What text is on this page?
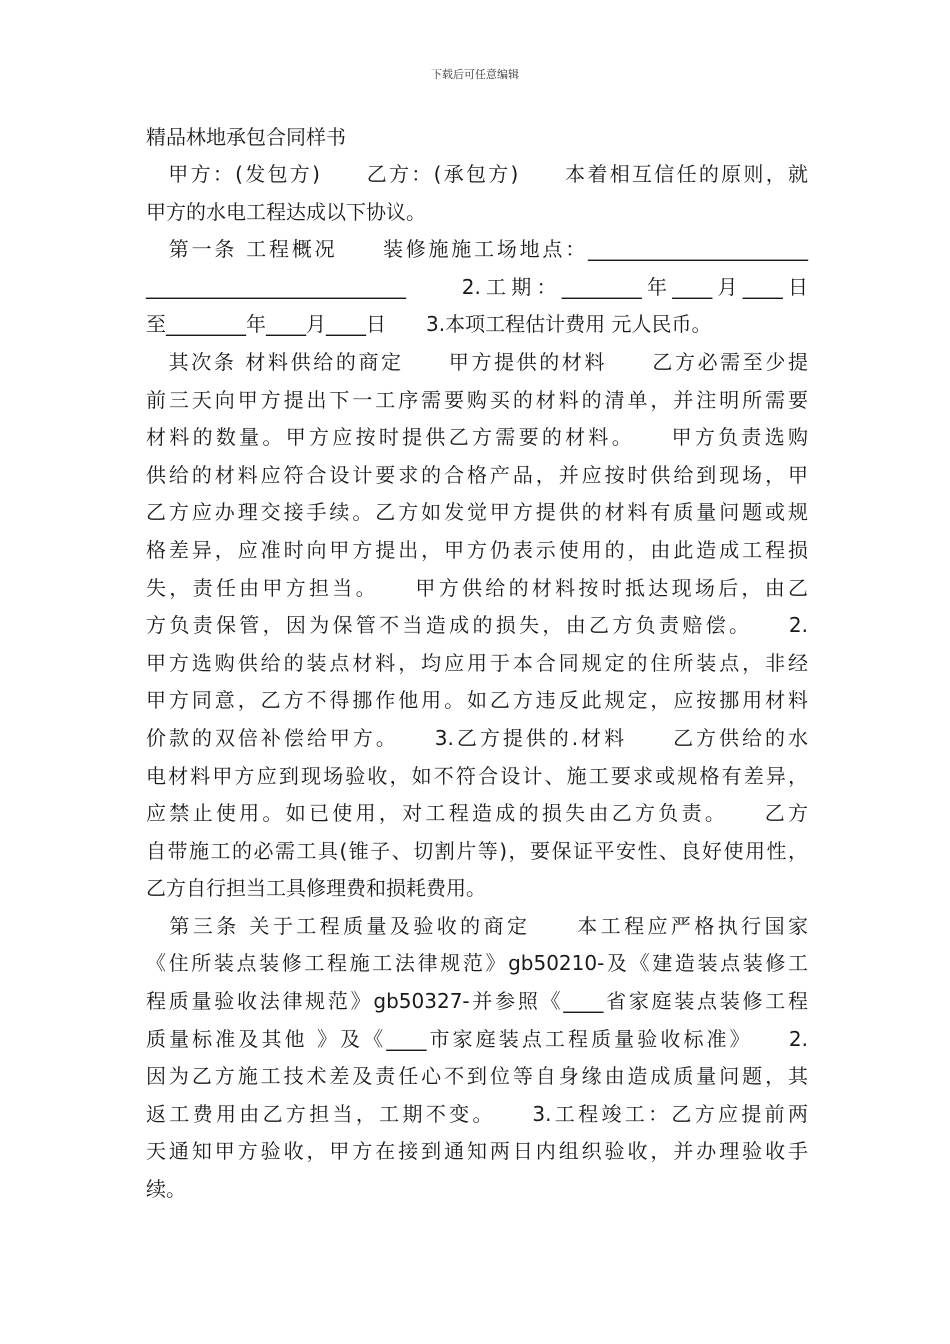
下载后可任意编辑
精品林地承包合同样书
　甲方：(发包方)　　乙方：(承包方)　　本着相互信任的原则，就
甲方的水电工程达成以下协议。
　第一条 工程概况　　装修施施工场地点：______________________
__________________________　　2.工期：________年____月____日
至________年____月____日　　3.本项工程估计费用 元人民币。
　其次条 材料供给的商定　　甲方提供的材料　　乙方必需至少提
前三天向甲方提出下一工序需要购买的材料的清单，并注明所需要
材料的数量。甲方应按时提供乙方需要的材料。　　甲方负责选购
供给的材料应符合设计要求的合格产品，并应按时供给到现场，甲
乙方应办理交接手续。乙方如发觉甲方提供的材料有质量问题或规
格差异，应准时向甲方提出，甲方仍表示使用的，由此造成工程损
失，责任由甲方担当。　　甲方供给的材料按时抵达现场后，由乙
方负责保管，因为保管不当造成的损失，由乙方负责赔偿。　　2.
甲方选购供给的装点材料，均应用于本合同规定的住所装点，非经
甲方同意，乙方不得挪作他用。如乙方违反此规定，应按挪用材料
价款的双倍补偿给甲方。　　3.乙方提供的.材料　　乙方供给的水
电材料甲方应到现场验收，如不符合设计、施工要求或规格有差异，
应禁止使用。如已使用，对工程造成的损失由乙方负责。　　乙方
自带施工的必需工具(锥子、切割片等)，要保证平安性、良好使用性，
乙方自行担当工具修理费和损耗费用。
　第三条 关于工程质量及验收的商定　　本工程应严格执行国家
《住所装点装修工程施工法律规范》gb50210-及《建造装点装修工
程质量验收法律规范》gb50327-并参照《____省家庭装点装修工程
质量标准及其他 》及《____市家庭装点工程质量验收标准》　　2.
因为乙方施工技术差及责任心不到位等自身缘由造成质量问题，其
返工费用由乙方担当，工期不变。　　3.工程竣工：乙方应提前两
天通知甲方验收，甲方在接到通知两日内组织验收，并办理验收手
续。
